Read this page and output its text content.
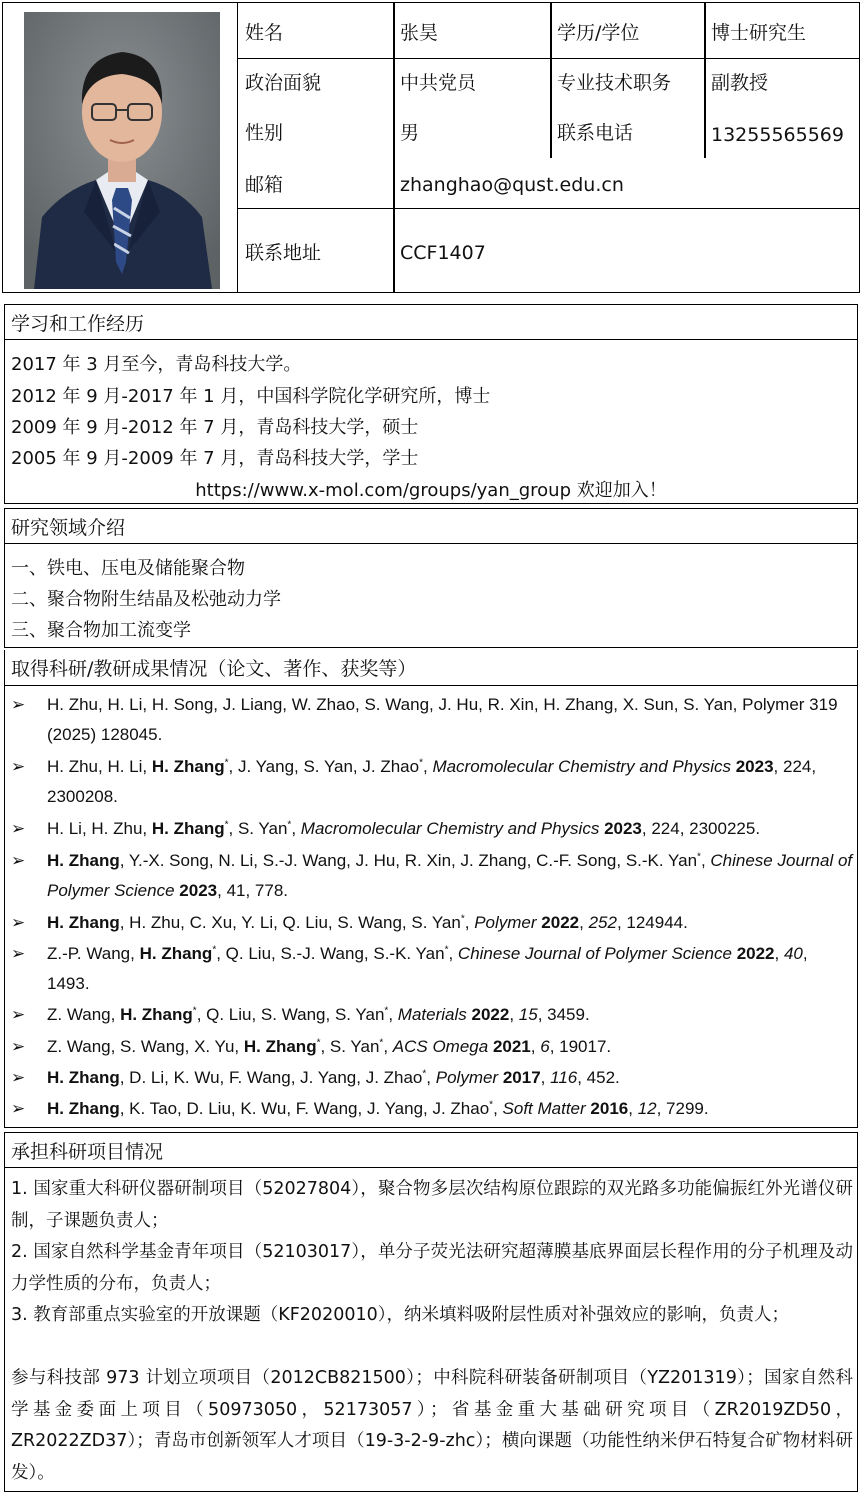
姓名	张昊	学历/学位	博士研究生
政治面貌	中共党员	专业技术职务	副教授
性别	男	联系电话	13255565569
邮箱	zhanghao@qust.edu.cn
联系地址	CCF1407
学习和工作经历
2017 年 3 月至今，青岛科技大学。
2012 年 9 月-2017 年 1 月，中国科学院化学研究所，博士
2009 年 9 月-2012 年 7 月，青岛科技大学，硕士
2005 年 9 月-2009 年 7 月，青岛科技大学，学士
https://www.x-mol.com/groups/yan_group 欢迎加入！
研究领域介绍
一、铁电、压电及储能聚合物
二、聚合物附生结晶及松弛动力学
三、聚合物加工流变学
取得科研/教研成果情况（论文、著作、获奖等）
➢ H. Zhu, H. Li, H. Song, J. Liang, W. Zhao, S. Wang, J. Hu, R. Xin, H. Zhang, X. Sun, S. Yan, Polymer 319 (2025) 128045.
➢ H. Zhu, H. Li, H. Zhang*, J. Yang, S. Yan, J. Zhao*, Macromolecular Chemistry and Physics 2023, 224, 2300208.
➢ H. Li, H. Zhu, H. Zhang*, S. Yan*, Macromolecular Chemistry and Physics 2023, 224, 2300225.
➢ H. Zhang, Y.-X. Song, N. Li, S.-J. Wang, J. Hu, R. Xin, J. Zhang, C.-F. Song, S.-K. Yan*, Chinese Journal of Polymer Science 2023, 41, 778.
➢ H. Zhang, H. Zhu, C. Xu, Y. Li, Q. Liu, S. Wang, S. Yan*, Polymer 2022, 252, 124944.
➢ Z.-P. Wang, H. Zhang*, Q. Liu, S.-J. Wang, S.-K. Yan*, Chinese Journal of Polymer Science 2022, 40, 1493.
➢ Z. Wang, H. Zhang*, Q. Liu, S. Wang, S. Yan*, Materials 2022, 15, 3459.
➢ Z. Wang, S. Wang, X. Yu, H. Zhang*, S. Yan*, ACS Omega 2021, 6, 19017.
➢ H. Zhang, D. Li, K. Wu, F. Wang, J. Yang, J. Zhao*, Polymer 2017, 116, 452.
➢ H. Zhang, K. Tao, D. Liu, K. Wu, F. Wang, J. Yang, J. Zhao*, Soft Matter 2016, 12, 7299.
承担科研项目情况
1. 国家重大科研仪器研制项目（52027804），聚合物多层次结构原位跟踪的双光路多功能偏振红外光谱仪研制，子课题负责人；
2. 国家自然科学基金青年项目（52103017），单分子荧光法研究超薄膜基底界面层长程作用的分子机理及动力学性质的分布，负责人；
3. 教育部重点实验室的开放课题（KF2020010），纳米填料吸附层性质对补强效应的影响，负责人；
参与科技部 973 计划立项项目（2012CB821500）；中科院科研装备研制项目（YZ201319）；国家自然科学基金委面上项目（50973050，52173057）；省基金重大基础研究项目（ZR2019ZD50，ZR2022ZD37）；青岛市创新领军人才项目（19-3-2-9-zhc）；横向课题（功能性纳米伊石特复合矿物材料研发）。
